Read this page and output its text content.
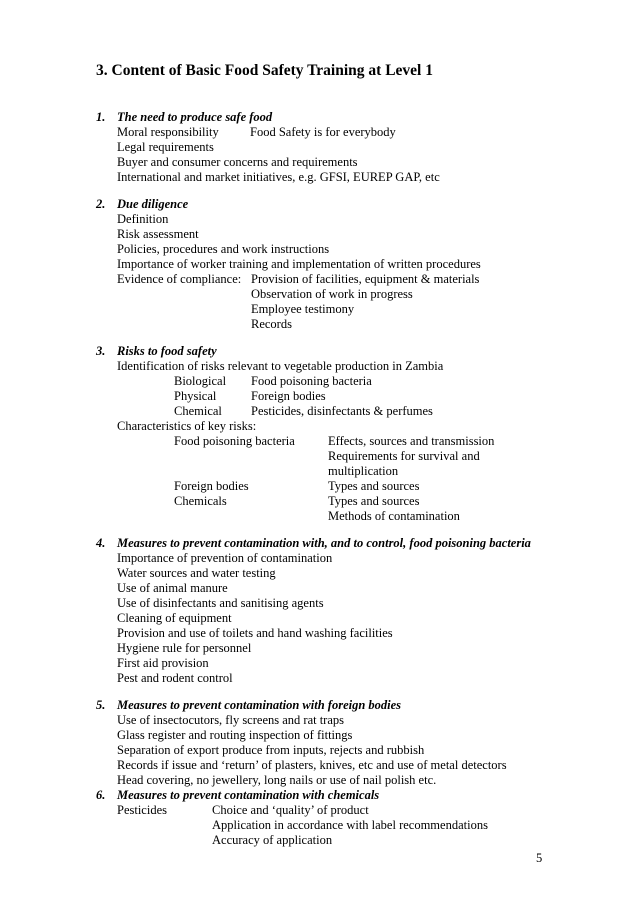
3. Content of Basic Food Safety Training at Level 1
1. The need to produce safe food
Moral responsibility	Food Safety is for everybody
Legal requirements
Buyer and consumer concerns and requirements
International and market initiatives, e.g. GFSI, EUREP GAP, etc
2. Due diligence
Definition
Risk assessment
Policies, procedures and work instructions
Importance of worker training and implementation of written procedures
Evidence of compliance: Provision of facilities, equipment & materials
Observation of work in progress
Employee testimony
Records
3. Risks to food safety
Identification of risks relevant to vegetable production in Zambia
Biological Food poisoning bacteria
Physical	Foreign bodies
Chemical Pesticides, disinfectants & perfumes
Characteristics of key risks:
Food poisoning bacteria	Effects, sources and transmission
Requirements for survival and
multiplication
Foreign bodies	Types and sources
Chemicals	Types and sources
Methods of contamination
4. Measures to prevent contamination with, and to control, food poisoning bacteria
Importance of prevention of contamination
Water sources and water testing
Use of animal manure
Use of disinfectants and sanitising agents
Cleaning of equipment
Provision and use of toilets and hand washing facilities
Hygiene rule for personnel
First aid provision
Pest and rodent control
5. Measures to prevent contamination with foreign bodies
Use of insectocutors, fly screens and rat traps
Glass register and routing inspection of fittings
Separation of export produce from inputs, rejects and rubbish
Records if issue and ‘return’ of plasters, knives, etc and use of metal detectors
Head covering, no jewellery, long nails or use of nail polish etc.
6. Measures to prevent contamination with chemicals
Pesticides	Choice and ‘quality’ of product
Application in accordance with label recommendations
Accuracy of application
5
